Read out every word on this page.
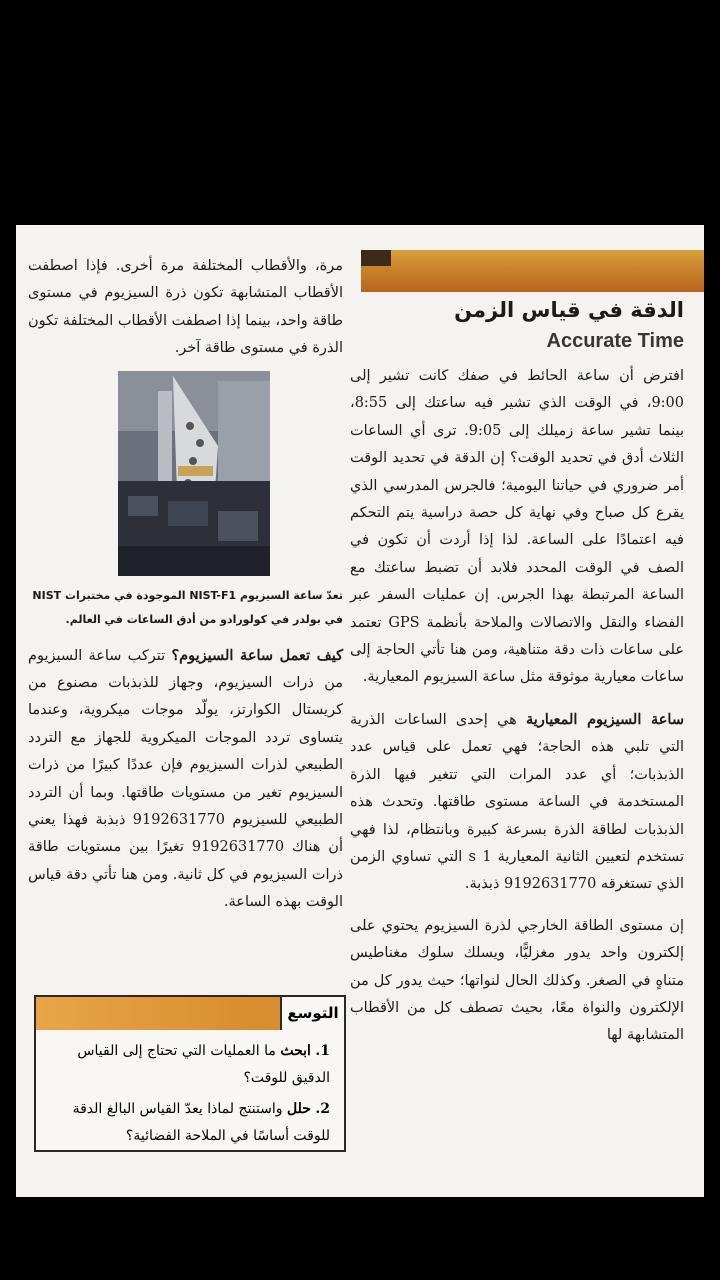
الدقة في قياس الزمن
Accurate Time

افترض أن ساعة الحائط في صفك كانت تشير إلى 9:00، في الوقت الذي تشير فيه ساعتك إلى 8:55، بينما تشير ساعة زميلك إلى 9:05. ترى أي الساعات الثلاث أدق في تحديد الوقت؟ إن الدقة في تحديد الوقت أمر ضروري في حياتنا اليومية؛ فالجرس المدرسي الذي يقرع كل صباح وفي نهاية كل حصة دراسية يتم التحكم فيه اعتمادًا على الساعة. لذا إذا أردت أن تكون في الصف في الوقت المحدد فلابد أن تضبط ساعتك مع الساعة المرتبطة بهذا الجرس. إن عمليات السفر عبر الفضاء والنقل والاتصالات والملاحة بأنظمة GPS تعتمد على ساعات ذات دقة متناهية، ومن هنا تأتي الحاجة إلى ساعات معيارية موثوقة مثل ساعة السيزيوم المعيارية.

ساعة السيزيوم المعيارية هي إحدى الساعات الذرية التي تلبي هذه الحاجة؛ فهي تعمل على قياس عدد الذبذبات؛ أي عدد المرات التي تتغير فيها الذرة المستخدمة في الساعة مستوى طاقتها. وتحدث هذه الذبذبات لطاقة الذرة بسرعة كبيرة وبانتظام، لذا فهي تستخدم لتعيين الثانية المعيارية 1 s التي تساوي الزمن الذي تستغرقه 9192631770 ذبذبة.

إن مستوى الطاقة الخارجي لذرة السيزيوم يحتوي على إلكترون واحد يدور مغزليًّا، ويسلك سلوك مغناطيس متناهٍ في الصغر. وكذلك الحال لنواتها؛ حيث يدور كل من الإلكترون والنواة معًا، بحيث تصطف كل من الأقطاب المتشابهة لها

مرة، والأقطاب المختلفة مرة أخرى. فإذا اصطفت الأقطاب المتشابهة تكون ذرة السيزيوم في مستوى طاقة واحد، بينما إذا اصطفت الأقطاب المختلفة تكون الذرة في مستوى طاقة آخر.

تعدّ ساعة السيزيوم NIST-F1 الموجودة في مختبرات NIST في بولدر في كولورادو من أدق الساعات في العالم.

كيف تعمل ساعة السيزيوم؟ تتركب ساعة السيزيوم من ذرات السيزيوم، وجهاز للذبذبات مصنوع من كريستال الكوارتز، يولّد موجات ميكروية، وعندما يتساوى تردد الموجات الميكروية للجهاز مع التردد الطبيعي لذرات السيزيوم فإن عددًا كبيرًا من ذرات السيزيوم تغير من مستويات طاقتها. وبما أن التردد الطبيعي للسيزيوم 9192631770 ذبذبة فهذا يعني أن هناك 9192631770 تغيرًا بين مستويات طاقة ذرات السيزيوم في كل ثانية. ومن هنا تأتي دقة قياس الوقت بهذه الساعة.

التوسع
1. ابحث ما العمليات التي تحتاج إلى القياس الدقيق للوقت؟
2. حلل واستنتج لماذا يعدّ القياس البالغ الدقة للوقت أساسًا في الملاحة الفضائية؟
